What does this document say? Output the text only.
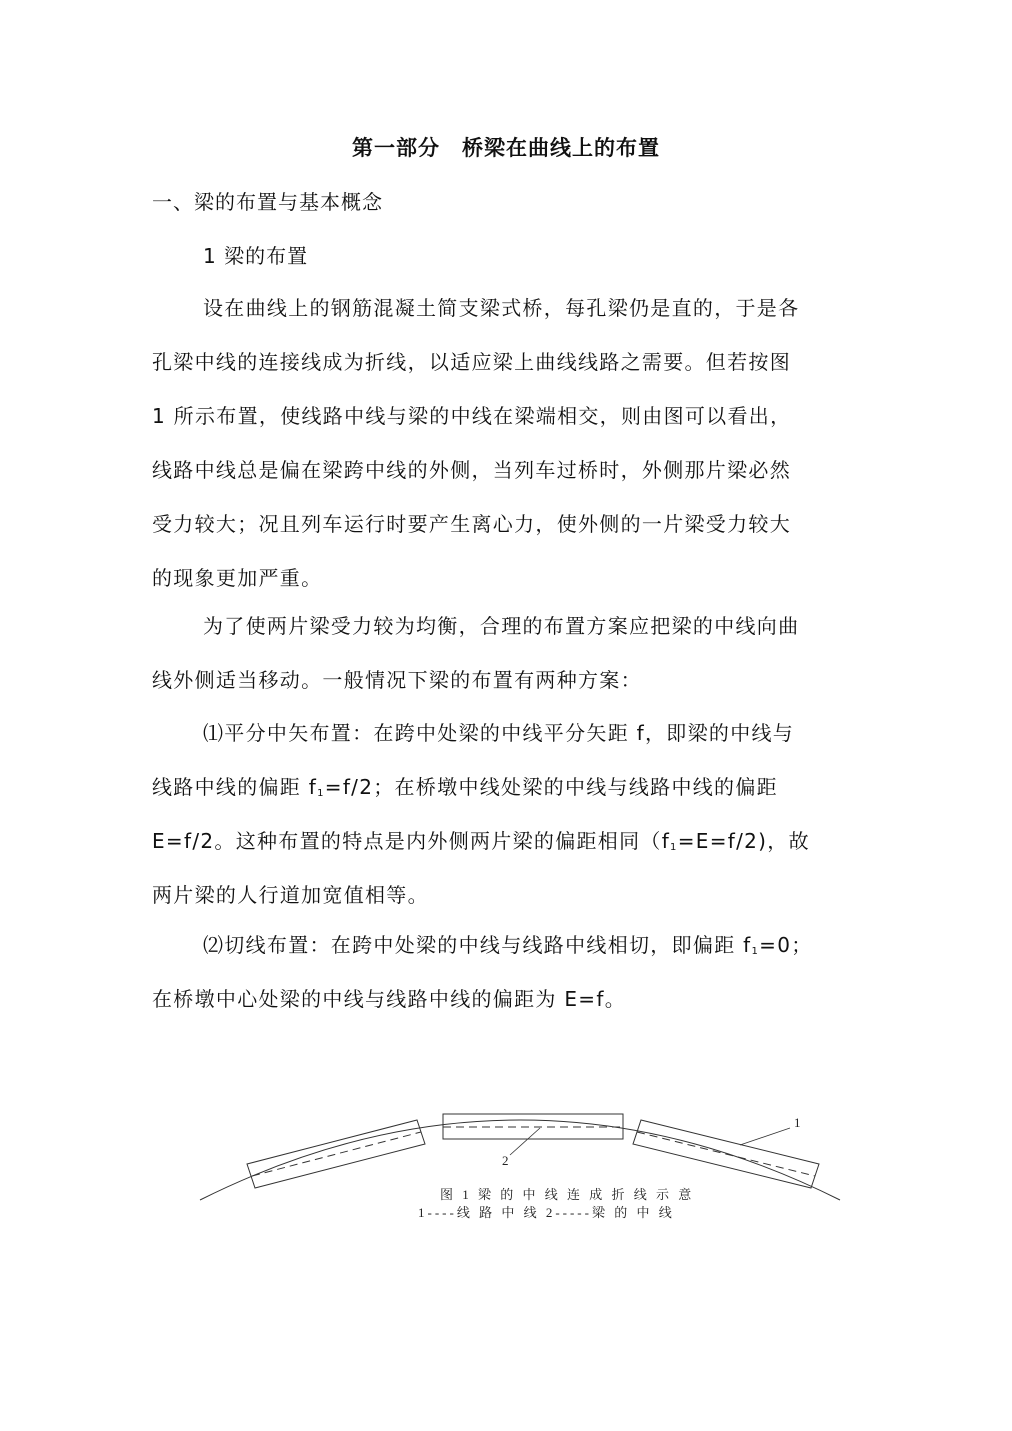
第一部分　桥梁在曲线上的布置
一、梁的布置与基本概念
1 梁的布置
设在曲线上的钢筋混凝土简支梁式桥，每孔梁仍是直的，于是各
孔梁中线的连接线成为折线，以适应梁上曲线线路之需要。但若按图
1 所示布置，使线路中线与梁的中线在梁端相交，则由图可以看出，
线路中线总是偏在梁跨中线的外侧，当列车过桥时，外侧那片梁必然
受力较大；况且列车运行时要产生离心力，使外侧的一片梁受力较大
的现象更加严重。
为了使两片梁受力较为均衡，合理的布置方案应把梁的中线向曲
线外侧适当移动。一般情况下梁的布置有两种方案：
⑴平分中矢布置：在跨中处梁的中线平分矢距 f，即梁的中线与
线路中线的偏距 $f_1=f/2$；在桥墩中线处梁的中线与线路中线的偏距
E=f/2。这种布置的特点是内外侧两片梁的偏距相同$(f_1=E=f/2)$，故
两片梁的人行道加宽值相等。
⑵切线布置：在跨中处梁的中线与线路中线相切，即偏距 $f_1=0$；
在桥墩中心处梁的中线与线路中线的偏距为 E=f。
1
2
图 1 梁 的 中 线 连 成 折 线 示 意
1----线 路 中 线 2-----梁 的 中 线
